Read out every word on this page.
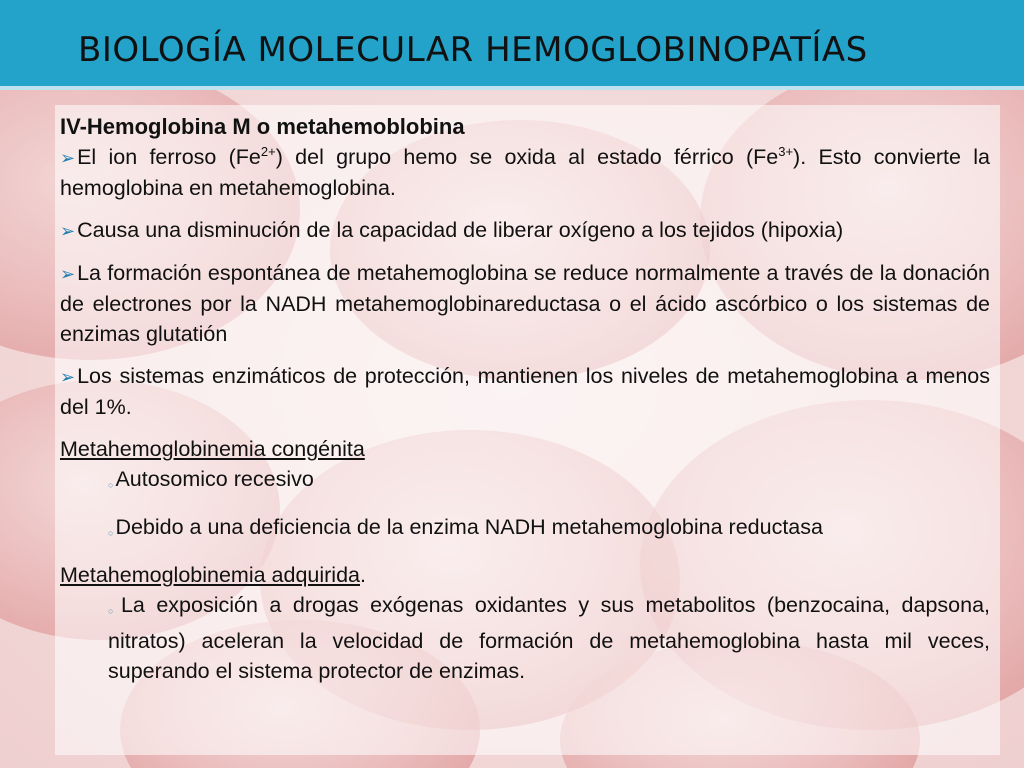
BIOLOGÍA MOLECULAR HEMOGLOBINOPATÍAS

IV-Hemoglobina M o metahemoblobina

➢El ion ferroso $(Fe^{2+})$ del grupo hemo se oxida al estado férrico $(Fe^{3+})$. Esto convierte la hemoglobina en metahemoglobina.

➢Causa una disminución de la capacidad de liberar oxígeno a los tejidos (hipoxia)

➢La formación espontánea de metahemoglobina se reduce normalmente a través de la donación de electrones por la NADH metahemoglobinareductasa o el ácido ascórbico o los sistemas de enzimas glutatión

➢Los sistemas enzimáticos de protección, mantienen los niveles de metahemoglobina a menos del 1%.

Metahemoglobinemia congénita

○Autosomico recesivo

○Debido a una deficiencia de la enzima NADH metahemoglobina reductasa

Metahemoglobinemia adquirida.

○La exposición a drogas exógenas oxidantes y sus metabolitos (benzocaina, dapsona, nitratos) aceleran la velocidad de formación de metahemoglobina hasta mil veces, superando el sistema protector de enzimas.
